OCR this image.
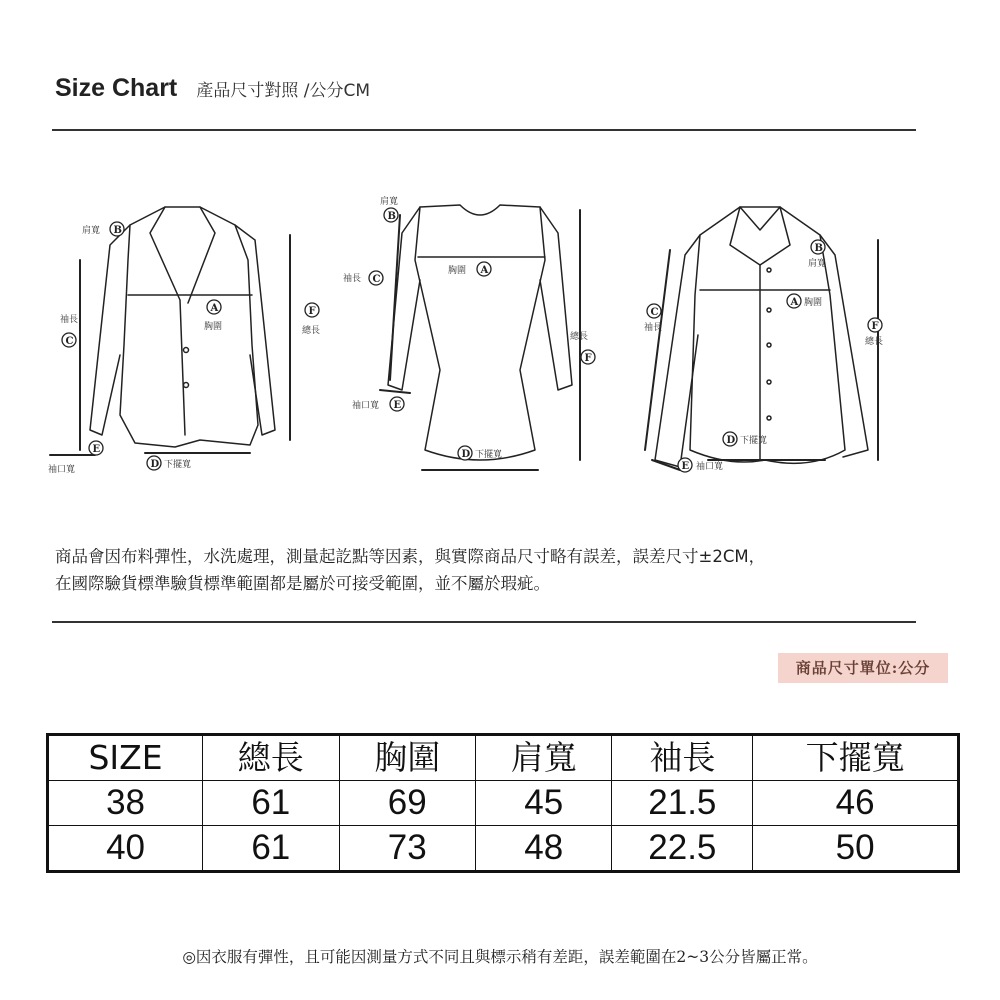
Size Chart 產品尺寸對照 /公分CM
肩寬 B
袖長
C
A
胸圍
F
總長
E
袖口寬	D 下擺寬
肩寬
B
袖長 C
胸圍 A
總長
F
袖口寬 E
D 下擺寬
B
肩寬
C
袖長
A 胸圍
F
總長
D 下擺寬
E 袖口寬
商品會因布料彈性，水洗處理，測量起訖點等因素，與實際商品尺寸略有誤差，誤差尺寸±2CM，
在國際驗貨標準驗貨標準範圍都是屬於可接受範圍，並不屬於瑕疵。
商品尺寸單位:公分
SIZE	總長	胸圍	肩寬	袖長	下擺寬
38	61	69	45	21.5	46
40	61	73	48	22.5	50
◎因衣服有彈性，且可能因測量方式不同且與標示稍有差距，誤差範圍在2~3公分皆屬正常。
